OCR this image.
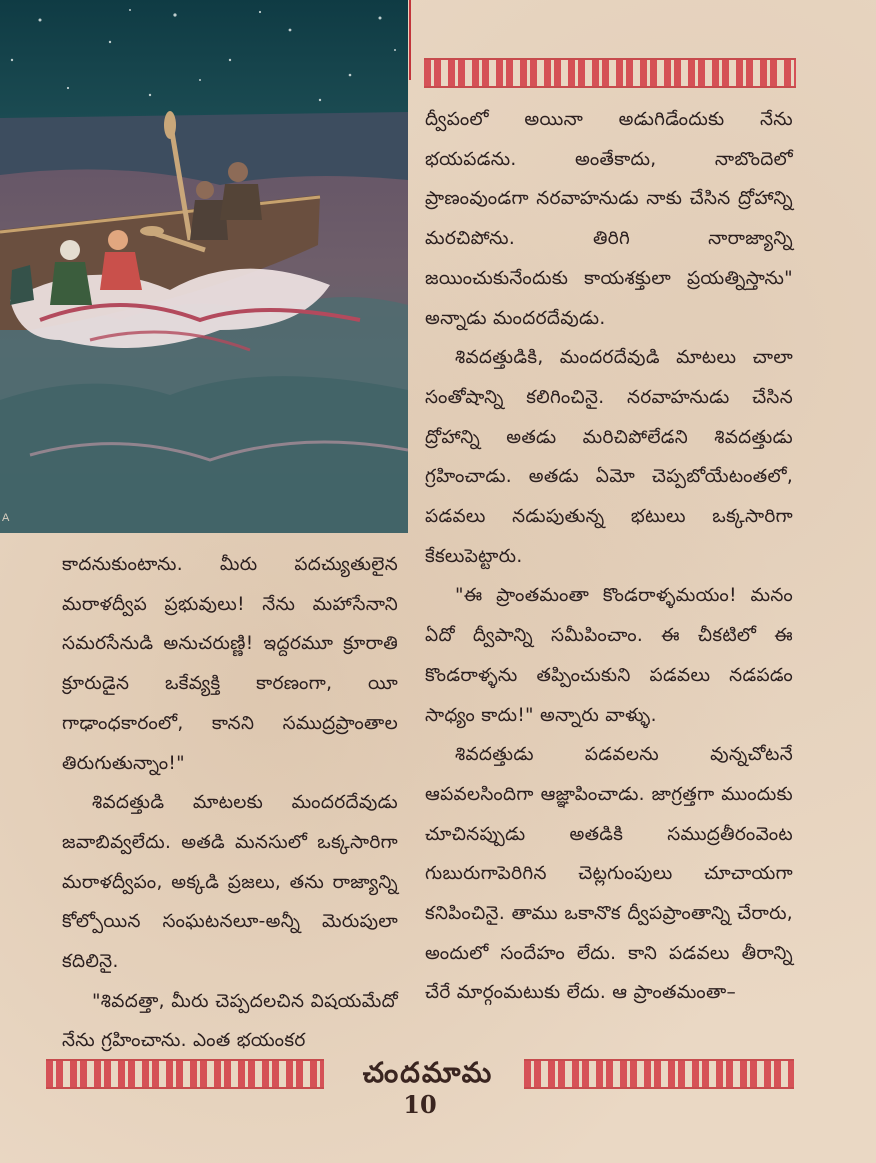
A

ద్వీపంలో అయినా అడుగిడేందుకు నేను భయపడను. అంతేకాదు, నాబొందెలో ప్రాణంవుండగా నరవాహనుడు నాకు చేసిన ద్రోహాన్ని మరచిపోను. తిరిగి నారాజ్యాన్ని జయించుకునేందుకు కాయశక్తులా ప్రయత్నిస్తాను" అన్నాడు మందరదేవుడు.

శివదత్తుడికి, మందరదేవుడి మాటలు చాలా సంతోషాన్ని కలిగించినై. నరవాహనుడు చేసిన ద్రోహాన్ని అతడు మరిచిపోలేడని శివదత్తుడు గ్రహించాడు. అతడు ఏమో చెప్పబోయేటంతలో, పడవలు నడుపుతున్న భటులు ఒక్కసారిగా కేకలుపెట్టారు.

"ఈ ప్రాంతమంతా కొండరాళ్ళమయం! మనం ఏదో ద్వీపాన్ని సమీపించాం. ఈ చీకటిలో ఈ కొండరాళ్ళను తప్పించుకుని పడవలు నడపడం సాధ్యం కాదు!" అన్నారు వాళ్ళు.

శివదత్తుడు పడవలను వున్నచోటనే ఆపవలసిందిగా ఆజ్ఞాపించాడు. జాగ్రత్తగా ముందుకు చూచినప్పుడు అతడికి సముద్రతీరంవెంట గుబురుగాపెరిగిన చెట్లగుంపులు చూచాయగా కనిపించినై. తాము ఒకానొక ద్వీపప్రాంతాన్ని చేరారు, అందులో సందేహం లేదు. కాని పడవలు తీరాన్ని చేరే మార్గంమటుకు లేదు. ఆ ప్రాంతమంతా–

కాదనుకుంటాను. మీరు పదచ్యుతులైన మరాళద్వీప ప్రభువులు! నేను మహాసేనాని సమరసేనుడి అనుచరుణ్ణి! ఇద్దరమూ క్రూరాతి క్రూరుడైన ఒకేవ్యక్తి కారణంగా, యీ గాఢాంధకారంలో, కానని సముద్రప్రాంతాల తిరుగుతున్నాం!"

శివదత్తుడి మాటలకు మందరదేవుడు జవాబివ్వలేదు. అతడి మనసులో ఒక్కసారిగా మరాళద్వీపం, అక్కడి ప్రజలు, తను రాజ్యాన్ని కోల్పోయిన సంఘటనలూ-అన్నీ మెరుపులా కదిలినై.

"శివదత్తా, మీరు చెప్పదలచిన విషయమేదో నేను గ్రహించాను. ఎంత భయంకర

చందమామ
10
